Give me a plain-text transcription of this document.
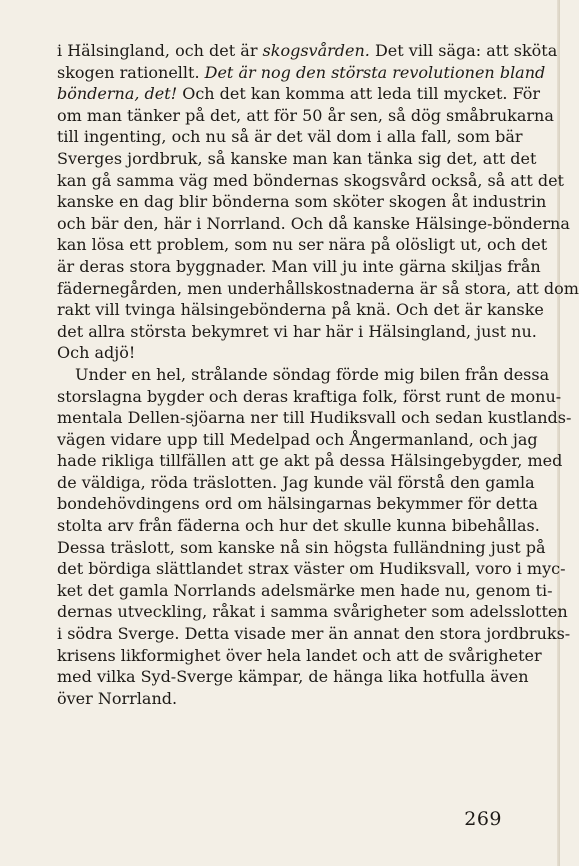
i Hälsingland, och det är skogsvården. Det vill säga: att sköta
skogen rationellt. Det är nog den största revolutionen bland
bönderna, det! Och det kan komma att leda till mycket. För
om man tänker på det, att för 50 år sen, så dög småbrukarna
till ingenting, och nu så är det väl dom i alla fall, som bär
Sverges jordbruk, så kanske man kan tänka sig det, att det
kan gå samma väg med böndernas skogsvård också, så att det
kanske en dag blir bönderna som sköter skogen åt industrin
och bär den, här i Norrland. Och då kanske Hälsinge-bönderna
kan lösa ett problem, som nu ser nära på olösligt ut, och det
är deras stora byggnader. Man vill ju inte gärna skiljas från
fädernegården, men underhållskostnaderna är så stora, att dom
rakt vill tvinga hälsingebönderna på knä. Och det är kanske
det allra största bekymret vi har här i Hälsingland, just nu.
Och adjö!
Under en hel, strålande söndag förde mig bilen från dessa
storslagna bygder och deras kraftiga folk, först runt de monu-
mentala Dellen-sjöarna ner till Hudiksvall och sedan kustlands-
vägen vidare upp till Medelpad och Ångermanland, och jag
hade rikliga tillfällen att ge akt på dessa Hälsingebygder, med
de väldiga, röda träslotten. Jag kunde väl förstå den gamla
bondehövdingens ord om hälsingarnas bekymmer för detta
stolta arv från fäderna och hur det skulle kunna bibehållas.
Dessa träslott, som kanske nå sin högsta fulländning just på
det bördiga slättlandet strax väster om Hudiksvall, voro i myc-
ket det gamla Norrlands adelsmärke men hade nu, genom ti-
dernas utveckling, råkat i samma svårigheter som adelsslotten
i södra Sverge. Detta visade mer än annat den stora jordbruks-
krisens likformighet över hela landet och att de svårigheter
med vilka Syd-Sverge kämpar, de hänga lika hotfulla även
över Norrland.
269
